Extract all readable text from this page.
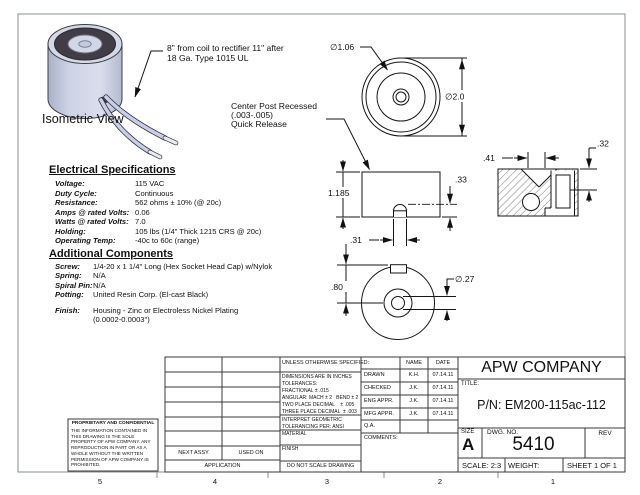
∅1.06
∅2.0
1.185
.33
.31
.41
.32
.80
∅.27
Isometric View
8" from coil to rectifier 11" after
18 Ga. Type 1015 UL
Center Post Recessed
(.003-.005)
Quick Release
Electrical Specifications
Voltage:	115 VAC
Duty Cycle:	Continuous
Resistance:	562 ohms ± 10% (@ 20c)
Amps @ rated Volts: 0.06
Watts @ rated Volts: 7.0
Holding:	105 lbs (1/4" Thick 1215 CRS @ 20c)
Operating Temp:	-40c to 60c (range)
Additional Components
Screw:	1/4-20 x 1 1/4" Long (Hex Socket Head Cap) w/Nylok
Spring:	N/A
Spiral Pin: N/A
Potting:	United Resin Corp. (El-cast Black)
Finish:	Housing - Zinc or Electroless Nickel Plating
(0.0002-0.0003")
APW COMPANY
TITLE:
P/N: EM200-115ac-112
SIZE
A
DWG. NO.
5410
REV
SCALE: 2:3 WEIGHT:	SHEET 1 OF 1
UNLESS OTHERWISE SPECIFIED:
DIMENSIONS ARE IN INCHES
TOLERANCES:
FRACTIONAL ± .015
ANGULAR: MACH ± 2   BEND ± 2
TWO PLACE DECIMAL    ± .005
THREE PLACE DECIMAL  ± .003
INTERPRET GEOMETRIC
TOLERANCING PER: ANSI
MATERIAL
FINISH
DO NOT SCALE DRAWING
NAME	DATE
DRAWN	K.H.	07.14.11
CHECKED	J.K.	07.14.11
ENG APPR.	J.K.	07.14.11
MFG APPR.	J.K.	07.14.11
Q.A.
COMMENTS:
PROPRIETARY AND CONFIDENTIAL
THE INFORMATION CONTAINED IN THIS DRAWING IS THE SOLE PROPERTY OF APW COMPANY. ANY REPRODUCTION IN PART OR AS A WHOLE WITHOUT THE WRITTEN PERMISSION OF APW COMPANY IS PROHIBITED.
NEXT ASSY	USED ON
APPLICATION
5	4	3	2	1
